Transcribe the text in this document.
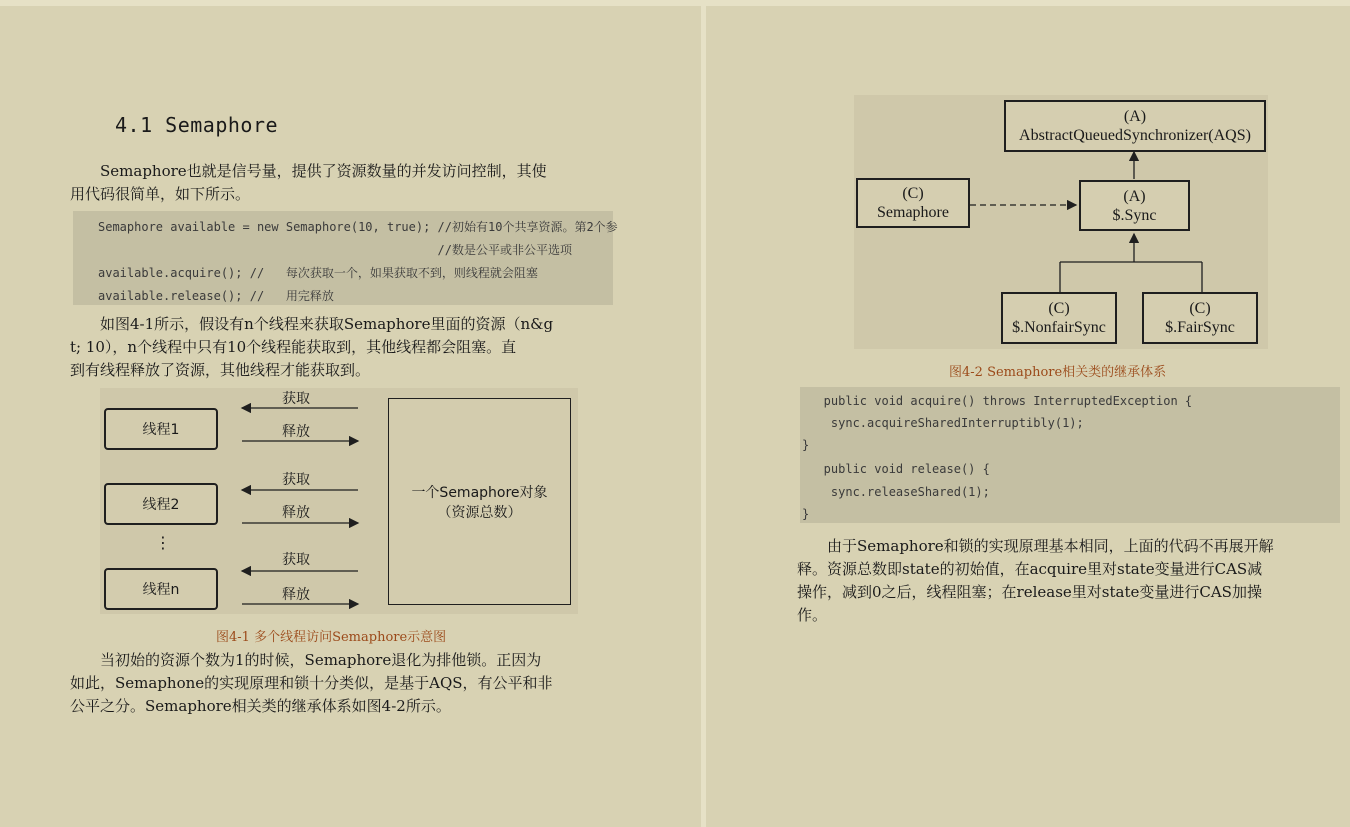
4.1 Semaphore

Semaphore也就是信号量，提供了资源数量的并发访问控制，其使
用代码很简单，如下所示。

Semaphore available = new Semaphore(10, true); //初始有10个共享资源。第2个参
//数是公平或非公平选项
available.acquire(); //   每次获取一个，如果获取不到，则线程就会阻塞
available.release(); //   用完释放

如图4-1所示，假设有n个线程来获取Semaphore里面的资源（n&g
t; 10），n个线程中只有10个线程能获取到，其他线程都会阻塞。直
到有线程释放了资源，其他线程才能获取到。

线程1
线程2
⋮
线程n
获取
释放
获取
释放
获取
释放
一个Semaphore对象
（资源总数）
图4-1 多个线程访问Semaphore示意图

当初始的资源个数为1的时候，Semaphore退化为排他锁。正因为
如此，Semaphone的实现原理和锁十分类似，是基于AQS，有公平和非
公平之分。Semaphore相关类的继承体系如图4-2所示。

(A)
AbstractQueuedSynchronizer(AQS)
(C)
Semaphore
(A)
$.Sync
(C)
$.NonfairSync
(C)
$.FairSync
图4-2 Semaphore相关类的继承体系
public void acquire() throws InterruptedException {
sync.acquireSharedInterruptibly(1);
}
public void release() {
sync.releaseShared(1);
}

由于Semaphore和锁的实现原理基本相同，上面的代码不再展开解
释。资源总数即state的初始值，在acquire里对state变量进行CAS减
操作，减到0之后，线程阻塞；在release里对state变量进行CAS加操
作。
